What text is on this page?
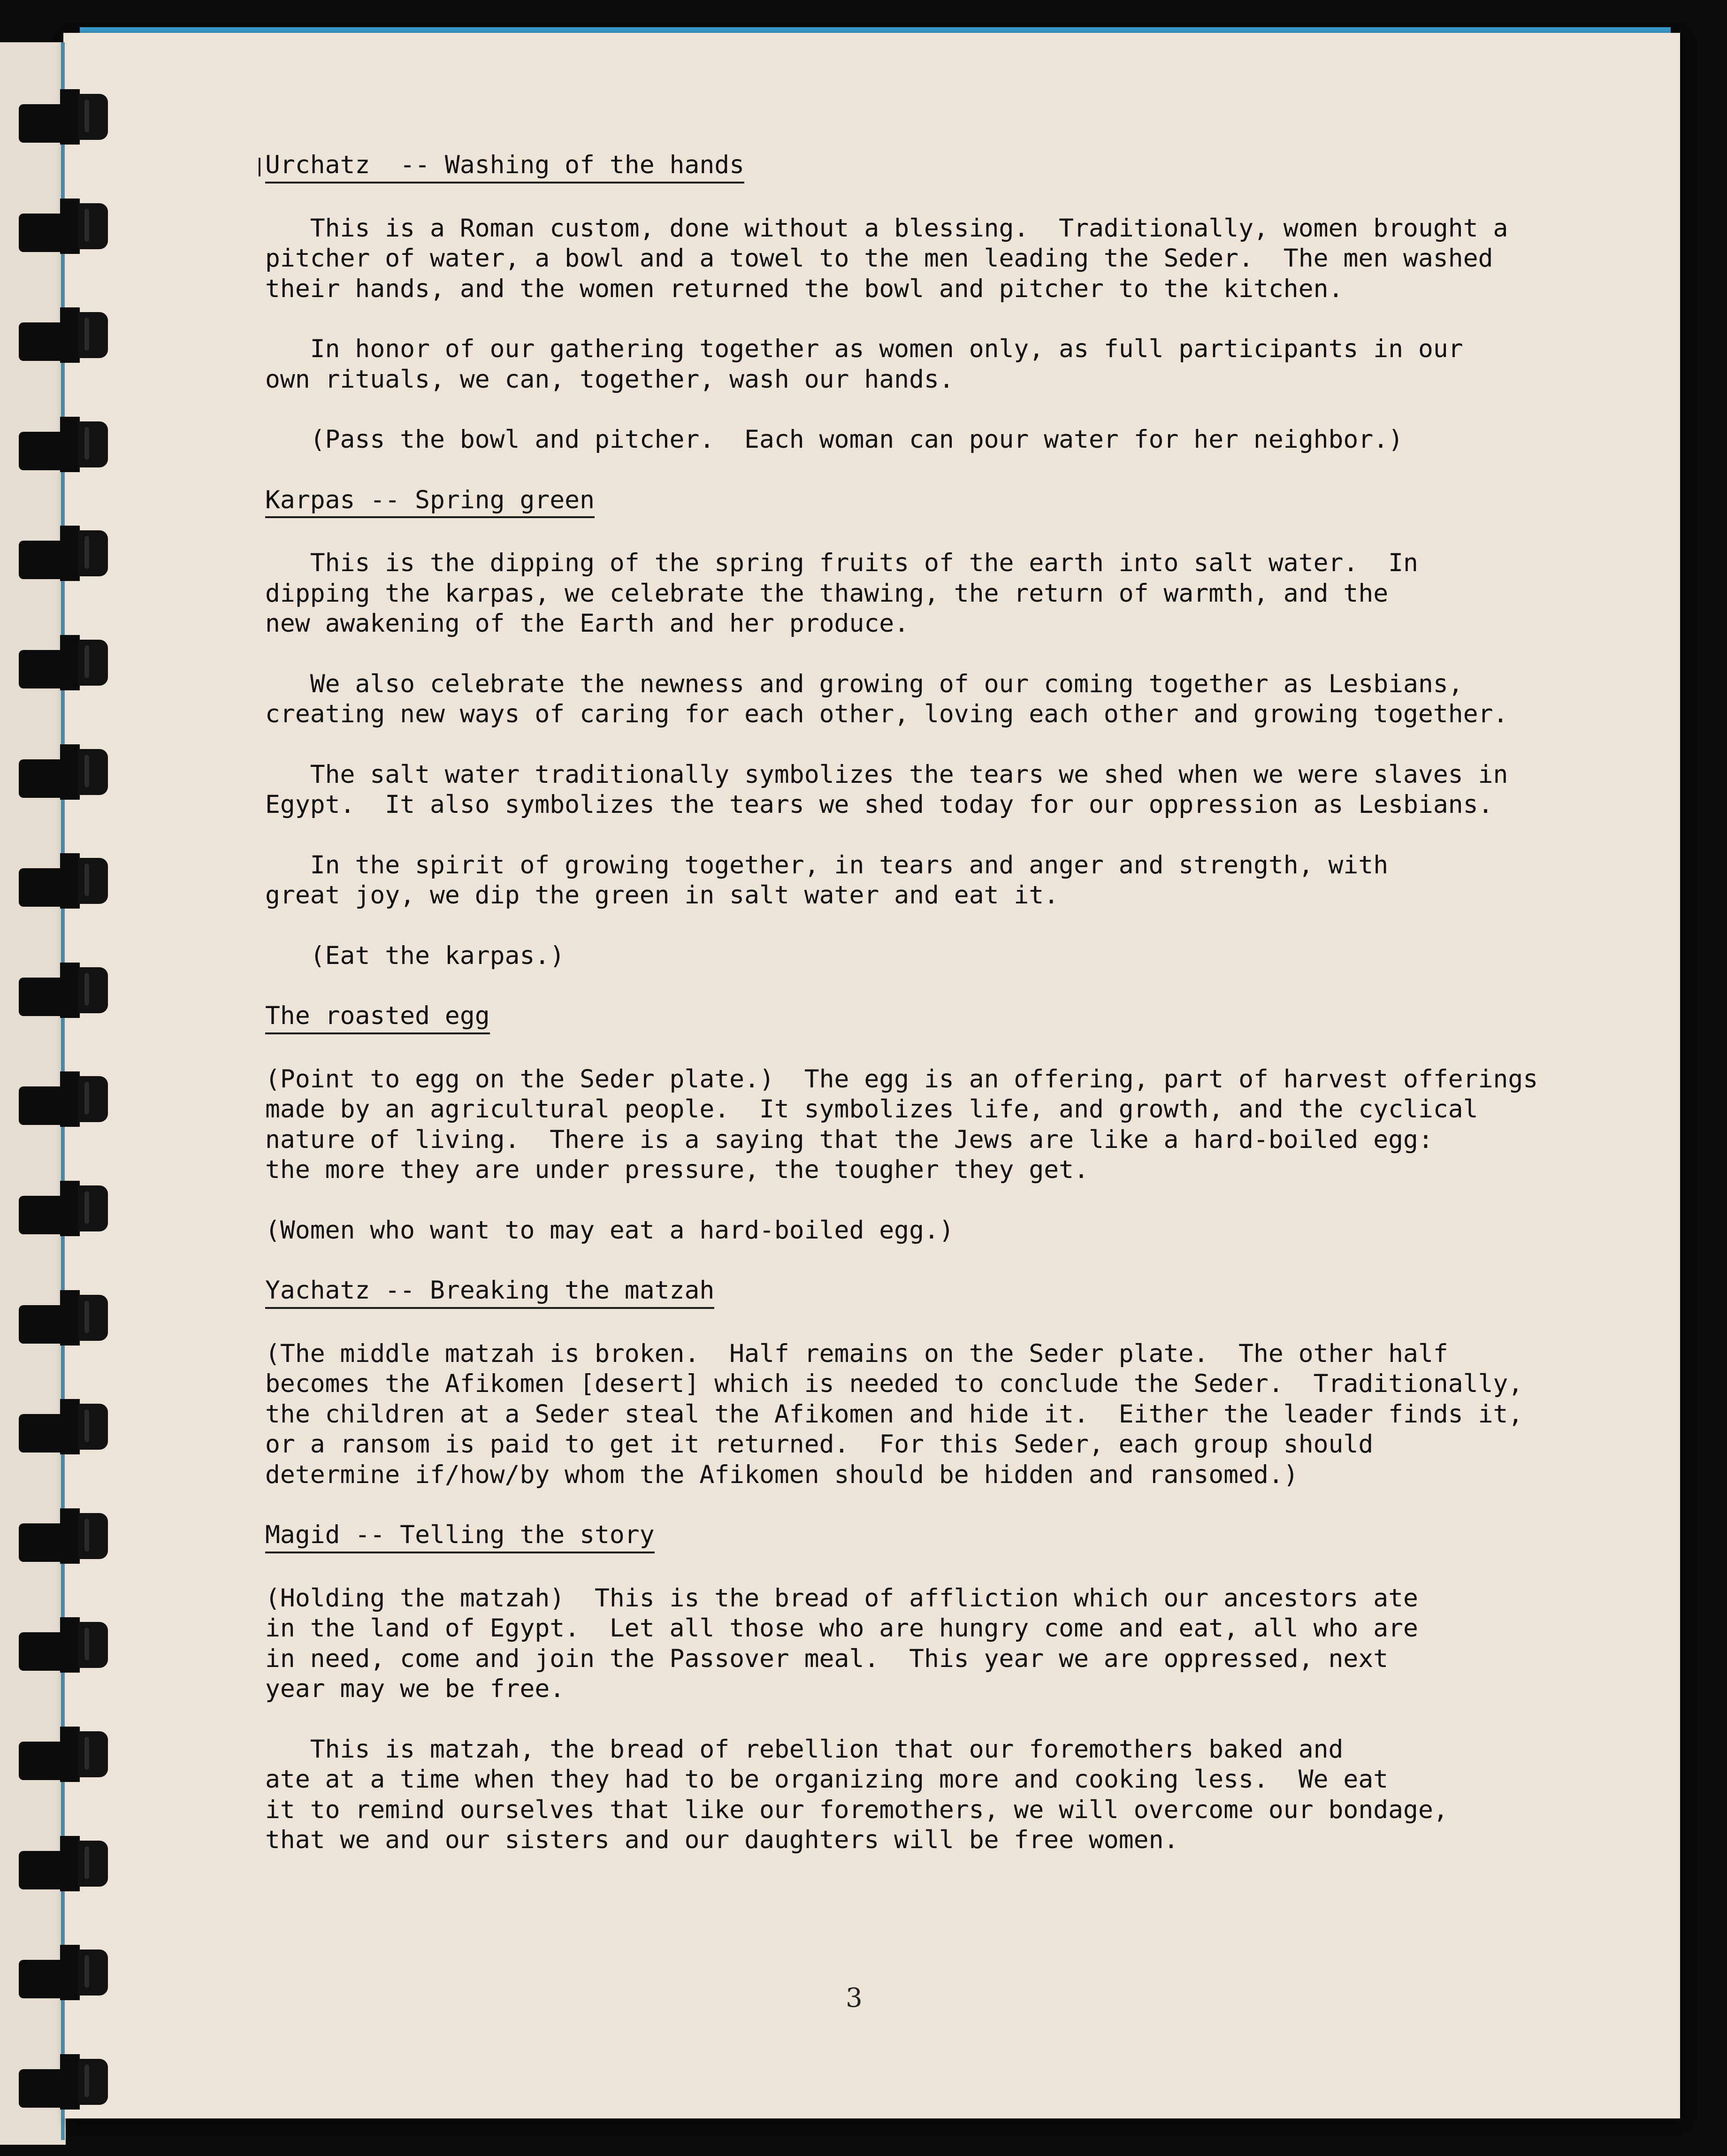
Urchatz  -- Washing of the hands

This is a Roman custom, done without a blessing.  Traditionally, women brought a
pitcher of water, a bowl and a towel to the men leading the Seder.  The men washed
their hands, and the women returned the bowl and pitcher to the kitchen.

In honor of our gathering together as women only, as full participants in our
own rituals, we can, together, wash our hands.

(Pass the bowl and pitcher.  Each woman can pour water for her neighbor.)

Karpas -- Spring green

This is the dipping of the spring fruits of the earth into salt water.  In
dipping the karpas, we celebrate the thawing, the return of warmth, and the
new awakening of the Earth and her produce.

We also celebrate the newness and growing of our coming together as Lesbians,
creating new ways of caring for each other, loving each other and growing together.

The salt water traditionally symbolizes the tears we shed when we were slaves in
Egypt.  It also symbolizes the tears we shed today for our oppression as Lesbians.

In the spirit of growing together, in tears and anger and strength, with
great joy, we dip the green in salt water and eat it.

(Eat the karpas.)

The roasted egg

(Point to egg on the Seder plate.)  The egg is an offering, part of harvest offerings
made by an agricultural people.  It symbolizes life, and growth, and the cyclical
nature of living.  There is a saying that the Jews are like a hard-boiled egg:
the more they are under pressure, the tougher they get.

(Women who want to may eat a hard-boiled egg.)

Yachatz -- Breaking the matzah

(The middle matzah is broken.  Half remains on the Seder plate.  The other half
becomes the Afikomen [desert] which is needed to conclude the Seder.  Traditionally,
the children at a Seder steal the Afikomen and hide it.  Either the leader finds it,
or a ransom is paid to get it returned.  For this Seder, each group should
determine if/how/by whom the Afikomen should be hidden and ransomed.)

Magid -- Telling the story

(Holding the matzah)  This is the bread of affliction which our ancestors ate
in the land of Egypt.  Let all those who are hungry come and eat, all who are
in need, come and join the Passover meal.  This year we are oppressed, next
year may we be free.

This is matzah, the bread of rebellion that our foremothers baked and
ate at a time when they had to be organizing more and cooking less.  We eat
it to remind ourselves that like our foremothers, we will overcome our bondage,
that we and our sisters and our daughters will be free women.

3
